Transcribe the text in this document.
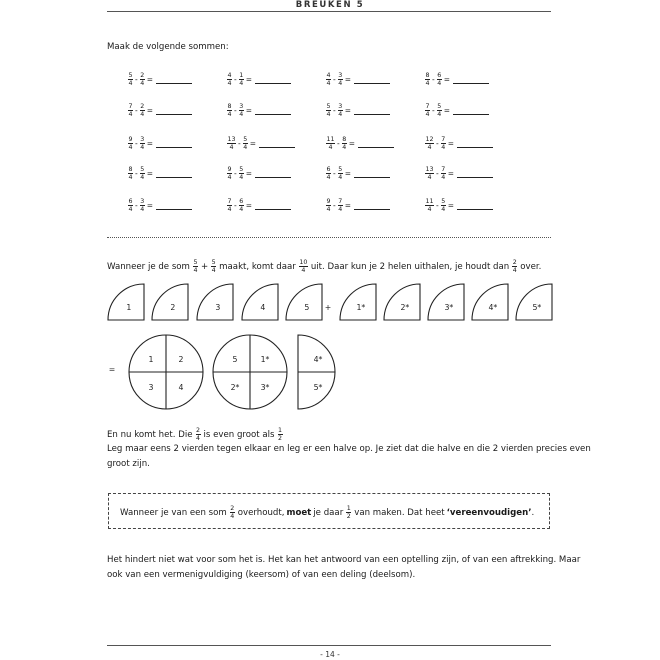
BREUKEN 5
Maak de volgende sommen:
$\frac{5}{4} - \frac{2}{4}$ =	$\frac{4}{4} - \frac{1}{4}$ =	$\frac{4}{4} - \frac{3}{4}$ =	$\frac{8}{4} - \frac{6}{4}$ =
$\frac{7}{4} - \frac{2}{4}$ =	$\frac{8}{4} - \frac{3}{4}$ =	$\frac{5}{4} - \frac{3}{4}$ =	$\frac{7}{4} - \frac{5}{4}$ =
$\frac{9}{4} - \frac{3}{4}$ =	$\frac{13}{4} - \frac{5}{4}$ =	$\frac{11}{4} - \frac{8}{4}$ =	$\frac{12}{4} - \frac{7}{4}$ =
$\frac{8}{4} - \frac{5}{4}$ =	$\frac{9}{4} - \frac{5}{4}$ =	$\frac{6}{4} - \frac{5}{4}$ =	$\frac{13}{4} - \frac{7}{4}$ =
$\frac{6}{4} - \frac{3}{4}$ =	$\frac{7}{4} - \frac{6}{4}$ =	$\frac{9}{4} - \frac{7}{4}$ =	$\frac{11}{4} - \frac{5}{4}$ =
Wanneer je de som $\frac{5}{4} + \frac{5}{4}$ maakt, komt daar $\frac{10}{4}$ uit. Daar kun je 2 helen uithalen, je houdt dan $\frac{2}{4}$ over.
1	2	3	4	5	1*	2*	3*	4*	5*
+
=
1	2
3	4
5	1*
2*	3*
4*
5*
En nu komt het. Die $\frac{2}{4}$ is even groot als $\frac{1}{2}$
Leg maar eens 2 vierden tegen elkaar en leg er een halve op. Je ziet dat die halve en die 2 vierden precies even
groot zijn.
Wanneer je van een som $\frac{2}{4}$ overhoudt, moet je daar $\frac{1}{2}$ van maken. Dat heet ‘vereenvoudigen’ .
Het hindert niet wat voor som het is. Het kan het antwoord van een optelling zijn, of van een aftrekking. Maar
ook van een vermenigvuldiging (keersom) of van een deling (deelsom).
- 14 -
